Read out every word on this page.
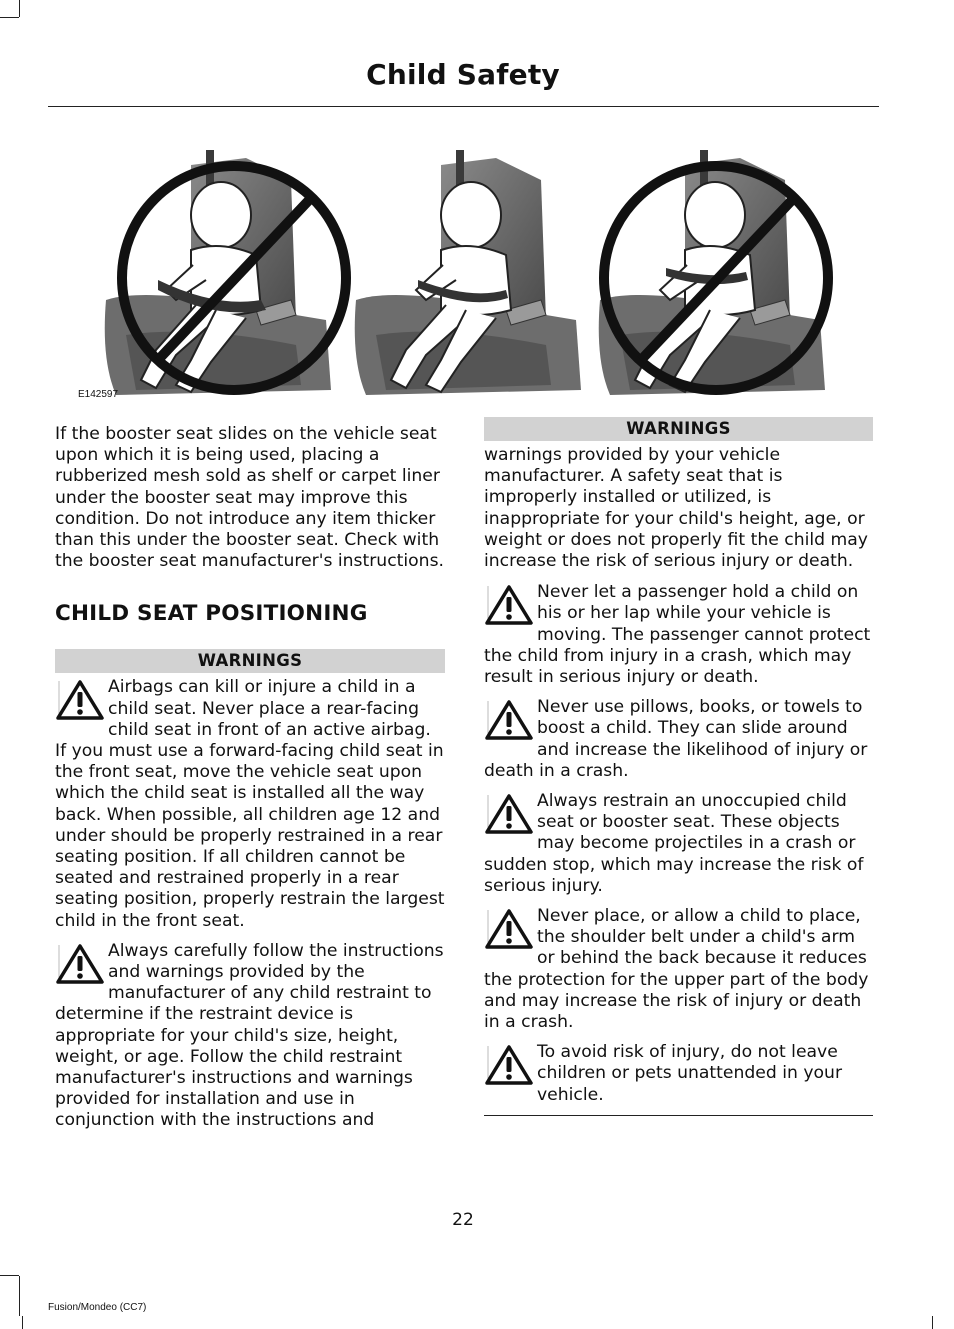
Child Safety
E142597

If the booster seat slides on the vehicle seat upon which it is being used, placing a rubberized mesh sold as shelf or carpet liner under the booster seat may improve this condition. Do not introduce any item thicker than this under the booster seat. Check with the booster seat manufacturer's instructions.

CHILD SEAT POSITIONING
WARNINGS

Airbags can kill or injure a child in a child seat. Never place a rear-facing child seat in front of an active airbag. If you must use a forward-facing child seat in the front seat, move the vehicle seat upon which the child seat is installed all the way back. When possible, all children age 12 and under should be properly restrained in a rear seating position. If all children cannot be seated and restrained properly in a rear seating position, properly restrain the largest child in the front seat.

Always carefully follow the instructions and warnings provided by the manufacturer of any child restraint to determine if the restraint device is appropriate for your child's size, height, weight, or age. Follow the child restraint manufacturer's instructions and warnings provided for installation and use in conjunction with the instructions and

WARNINGS

warnings provided by your vehicle manufacturer. A safety seat that is improperly installed or utilized, is inappropriate for your child's height, age, or weight or does not properly fit the child may increase the risk of serious injury or death.

Never let a passenger hold a child on his or her lap while your vehicle is moving. The passenger cannot protect the child from injury in a crash, which may result in serious injury or death.

Never use pillows, books, or towels to boost a child. They can slide around and increase the likelihood of injury or death in a crash.

Always restrain an unoccupied child seat or booster seat. These objects may become projectiles in a crash or sudden stop, which may increase the risk of serious injury.

Never place, or allow a child to place, the shoulder belt under a child's arm or behind the back because it reduces the protection for the upper part of the body and may increase the risk of injury or death in a crash.

To avoid risk of injury, do not leave children or pets unattended in your vehicle.

22
Fusion/Mondeo (CC7)
